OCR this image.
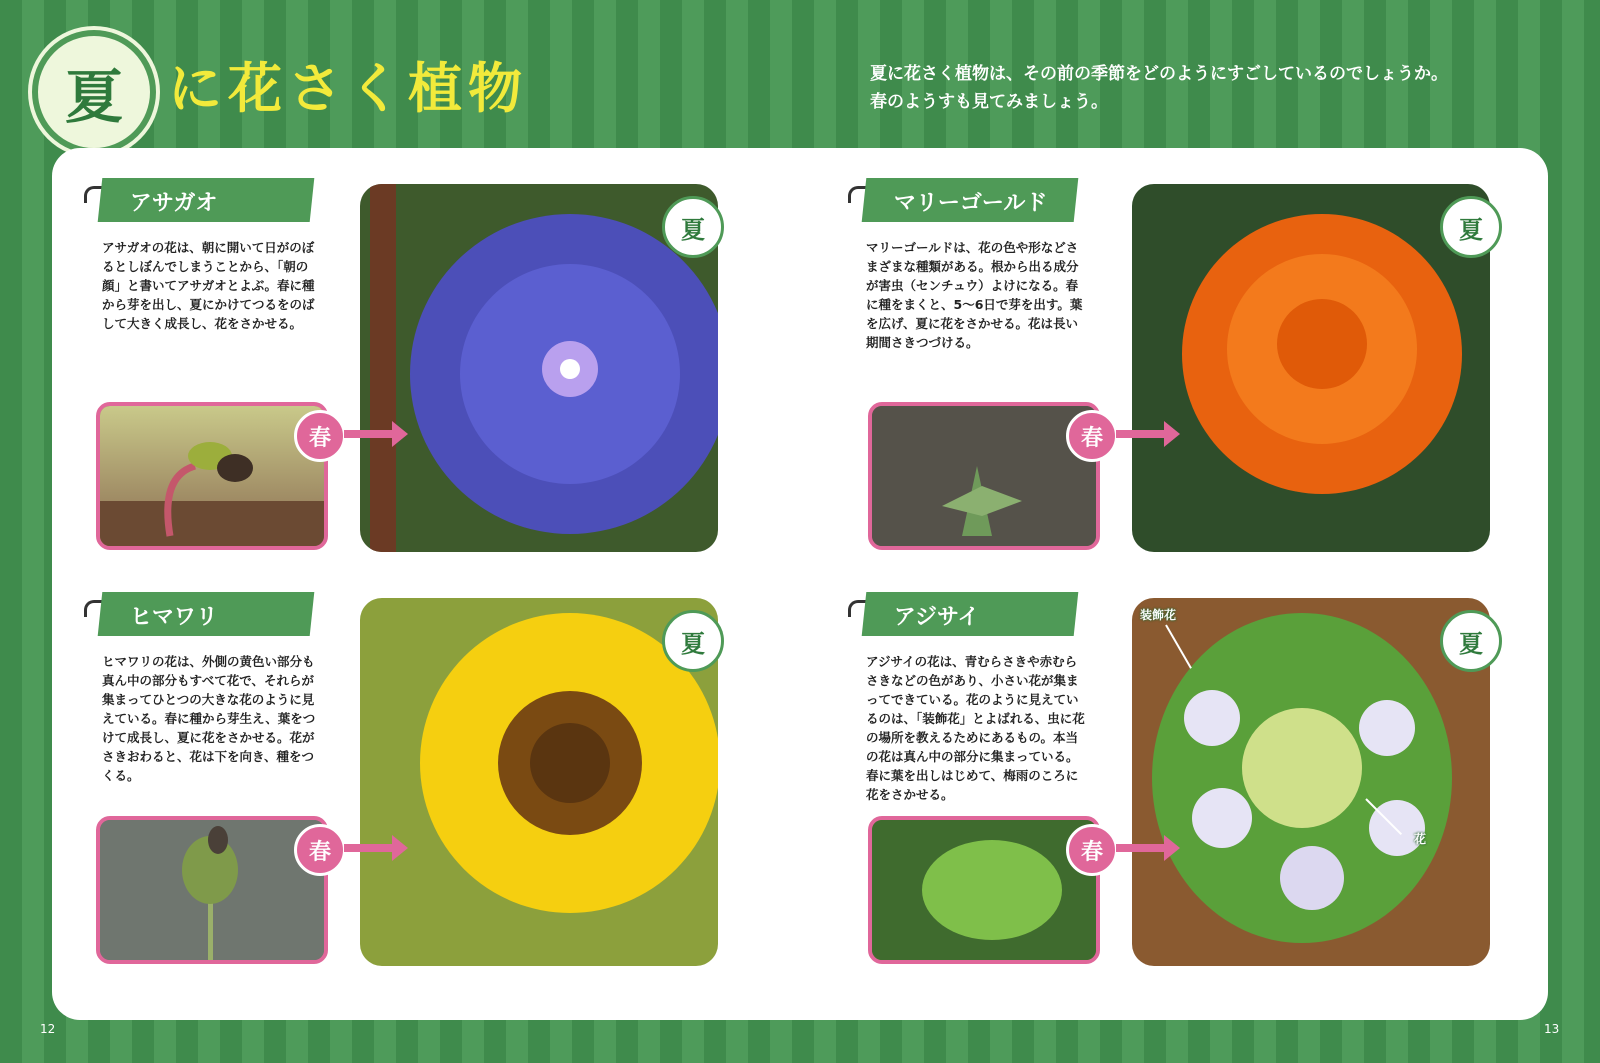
夏 に花さく植物	夏に花さく植物は、その前の季節をどのようにすごしているのでしょうか。
春のようすも見てみましょう。
アサガオ
アサガオの花は、朝に開いて日がのぼるとしぼんでしまうことから、「朝の顔」と書いてアサガオとよぶ。春に種から芽を出し、夏にかけてつるをのばして大きく成長し、花をさかせる。
夏
春
マリーゴールド
マリーゴールドは、花の色や形などさまざまな種類がある。根から出る成分が害虫（センチュウ）よけになる。春に種をまくと、5～6日で芽を出す。葉を広げ、夏に花をさかせる。花は長い期間さきつづける。
夏
春
ヒマワリ
ヒマワリの花は、外側の黄色い部分も真ん中の部分もすべて花で、それらが集まってひとつの大きな花のように見えている。春に種から芽生え、葉をつけて成長し、夏に花をさかせる。花がさきおわると、花は下を向き、種をつくる。
夏
春
アジサイ
アジサイの花は、青むらさきや赤むらさきなどの色があり、小さい花が集まってできている。花のように見えているのは、「装飾花」とよばれる、虫に花の場所を教えるためにあるもの。本当の花は真ん中の部分に集まっている。春に葉を出しはじめて、梅雨のころに花をさかせる。
装飾花
花
夏
春
12	13
